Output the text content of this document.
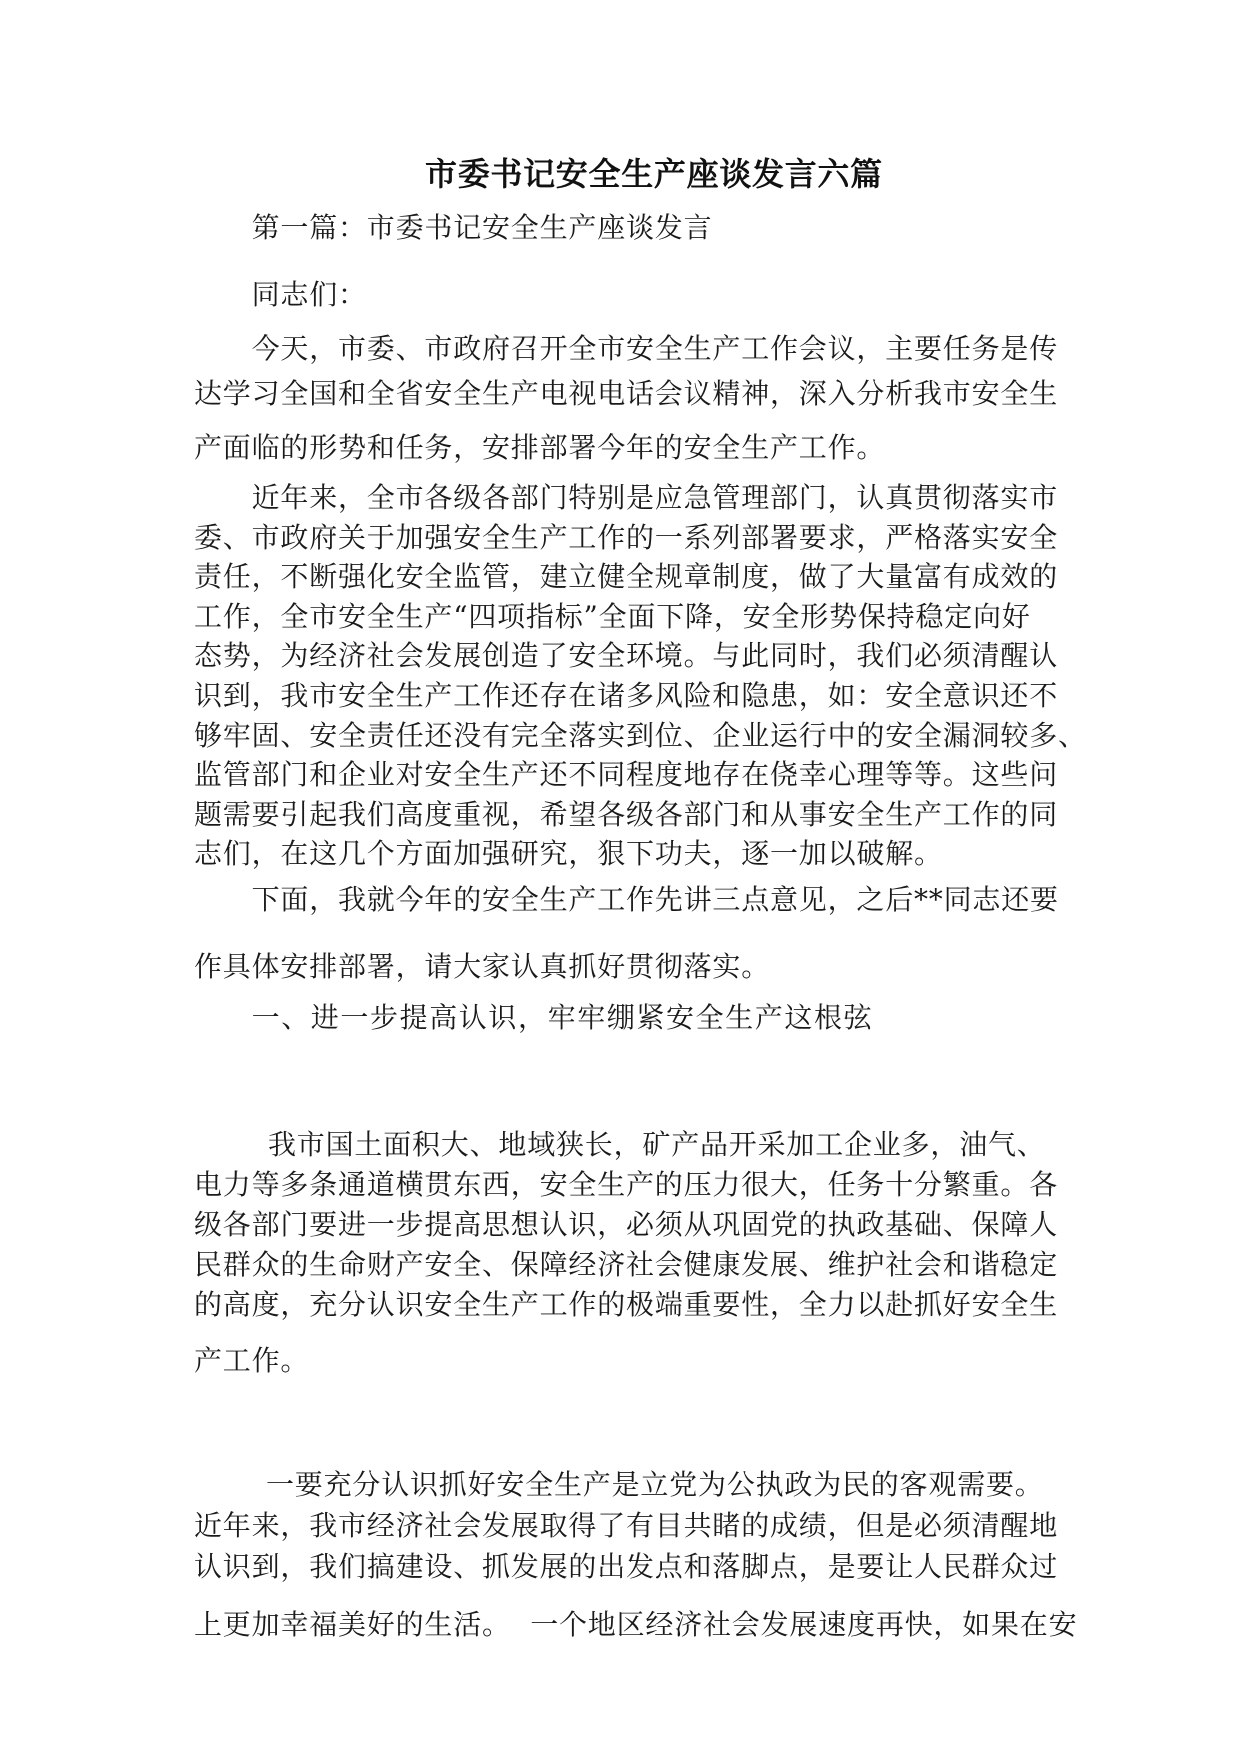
市委书记安全生产座谈发言六篇
第一篇：市委书记安全生产座谈发言
同志们：
今天，市委、市政府召开全市安全生产工作会议，主要任务是传
达学习全国和全省安全生产电视电话会议精神，深入分析我市安全生
产面临的形势和任务，安排部署今年的安全生产工作。
近年来，全市各级各部门特别是应急管理部门，认真贯彻落实市
委、市政府关于加强安全生产工作的一系列部署要求，严格落实安全
责任，不断强化安全监管，建立健全规章制度，做了大量富有成效的
工作，全市安全生产“四项指标”全面下降，安全形势保持稳定向好
态势，为经济社会发展创造了安全环境。与此同时，我们必须清醒认
识到，我市安全生产工作还存在诸多风险和隐患，如：安全意识还不
够牢固、安全责任还没有完全落实到位、企业运行中的安全漏洞较多、
监管部门和企业对安全生产还不同程度地存在侥幸心理等等。这些问
题需要引起我们高度重视，希望各级各部门和从事安全生产工作的同
志们，在这几个方面加强研究，狠下功夫，逐一加以破解。
下面，我就今年的安全生产工作先讲三点意见，之后**同志还要
作具体安排部署，请大家认真抓好贯彻落实。
一、进一步提高认识，牢牢绷紧安全生产这根弦
我市国土面积大、地域狭长，矿产品开采加工企业多，油气、
电力等多条通道横贯东西，安全生产的压力很大，任务十分繁重。各
级各部门要进一步提高思想认识，必须从巩固党的执政基础、保障人
民群众的生命财产安全、保障经济社会健康发展、维护社会和谐稳定
的高度，充分认识安全生产工作的极端重要性，全力以赴抓好安全生
产工作。
一要充分认识抓好安全生产是立党为公执政为民的客观需要。
近年来，我市经济社会发展取得了有目共睹的成绩，但是必须清醒地
认识到，我们搞建设、抓发展的出发点和落脚点，是要让人民群众过
上更加幸福美好的生活。  一个地区经济社会发展速度再快，如果在安
